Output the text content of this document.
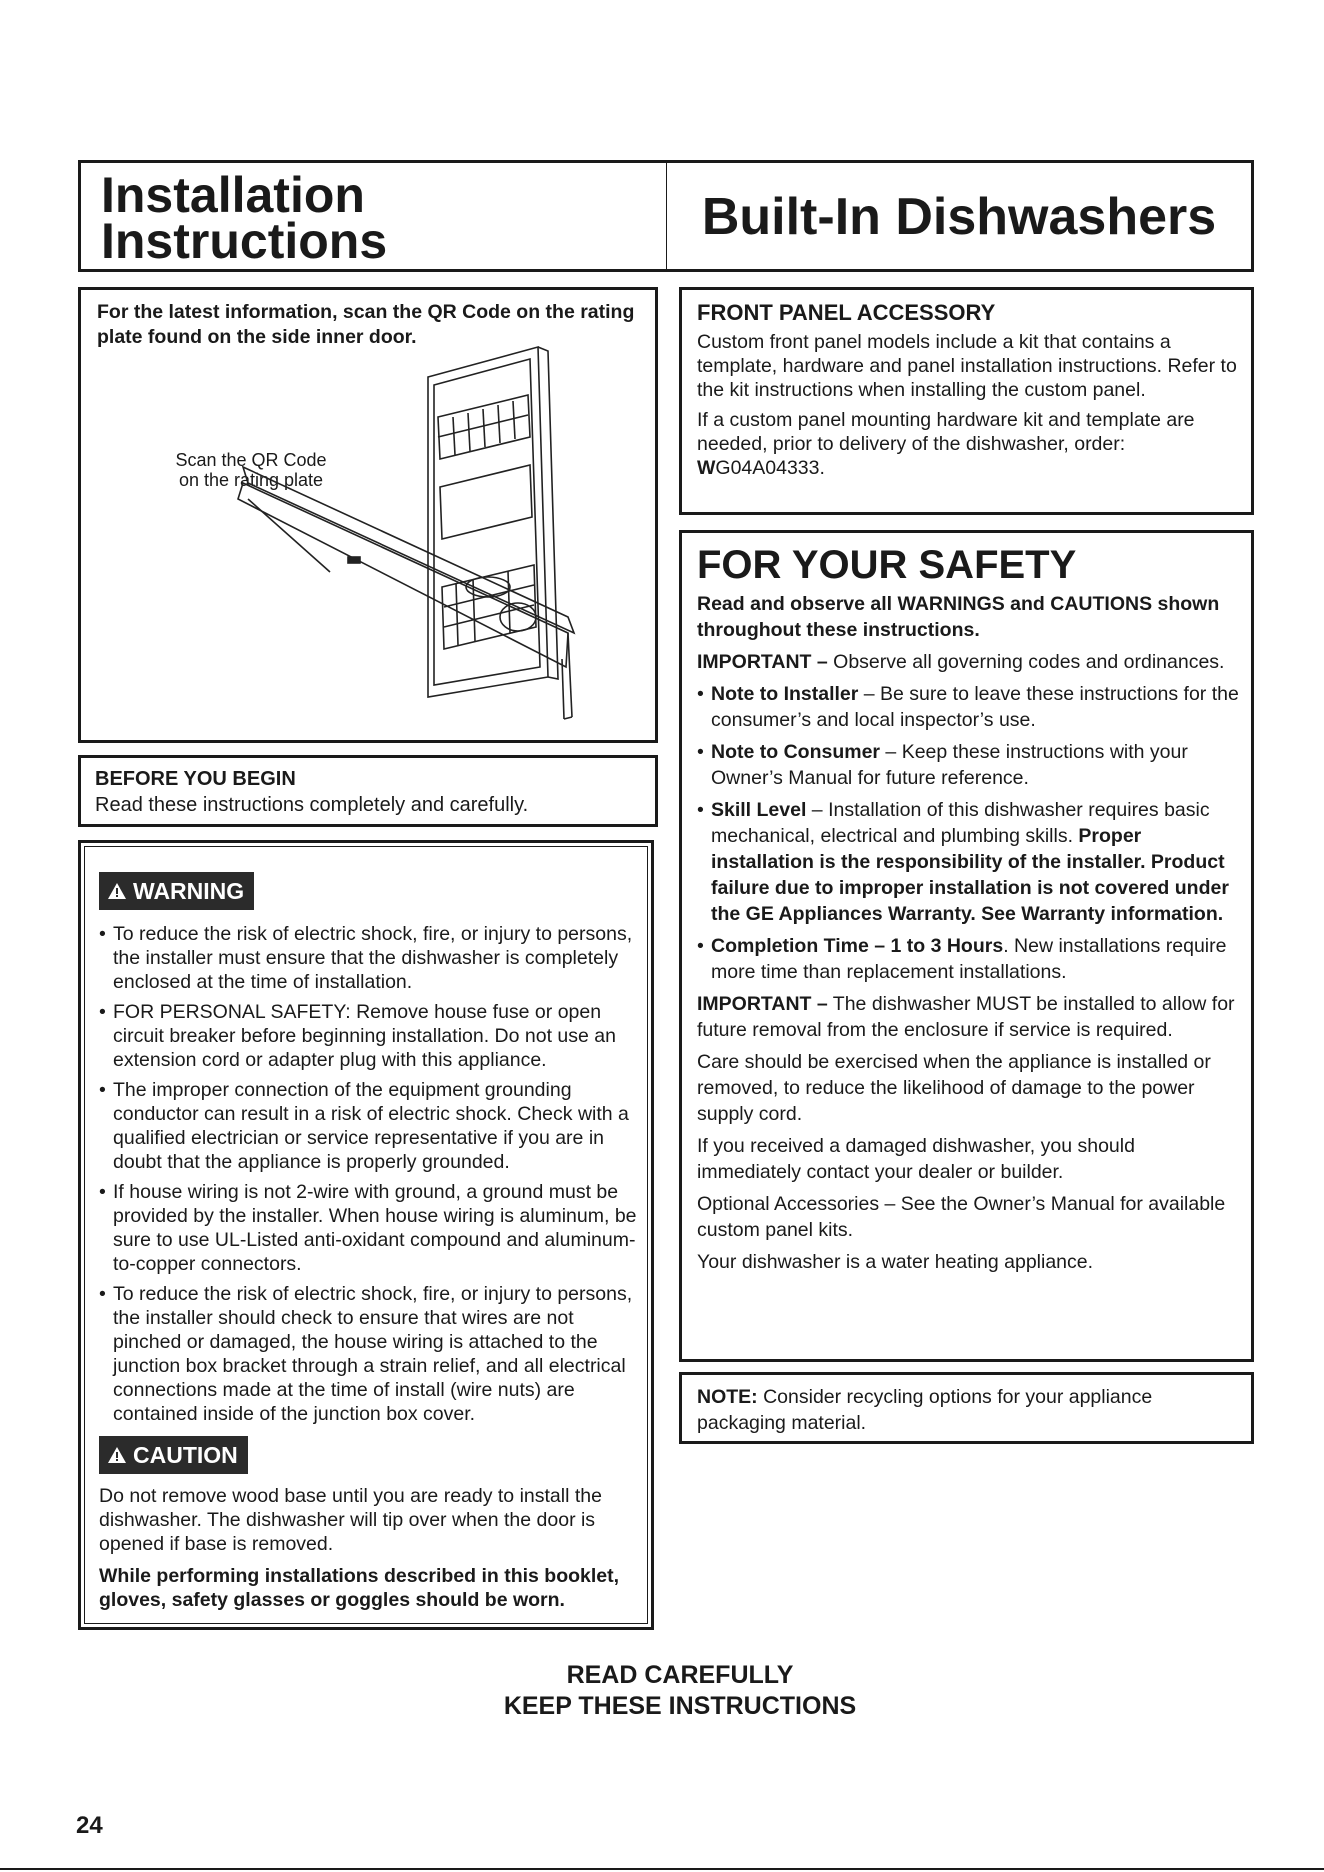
Installation
Instructions	Built-In Dishwashers

For the latest information, scan the QR Code on the rating plate found on the side inner door.

Scan the QR Code
on the rating plate

BEFORE YOU BEGIN

Read these instructions completely and carefully.

WARNING
• To reduce the risk of electric shock, fire, or injury to persons, the installer must ensure that the dishwasher is completely enclosed at the time of installation.
• FOR PERSONAL SAFETY: Remove house fuse or open circuit breaker before beginning installation. Do not use an extension cord or adapter plug with this appliance.
• The improper connection of the equipment grounding conductor can result in a risk of electric shock. Check with a qualified electrician or service representative if you are in doubt that the appliance is properly grounded.
• If house wiring is not 2-wire with ground, a ground must be provided by the installer. When house wiring is aluminum, be sure to use UL-Listed anti-oxidant compound and aluminum-to-copper connectors.
• To reduce the risk of electric shock, fire, or injury to persons, the installer should check to ensure that wires are not pinched or damaged, the house wiring is attached to the junction box bracket through a strain relief, and all electrical connections made at the time of install (wire nuts) are contained inside of the junction box cover.
CAUTION

Do not remove wood base until you are ready to install the dishwasher. The dishwasher will tip over when the door is opened if base is removed.

While performing installations described in this booklet, gloves, safety glasses or goggles should be worn.

FRONT PANEL ACCESSORY

Custom front panel models include a kit that contains a template, hardware and panel installation instructions. Refer to the kit instructions when installing the custom panel.

If a custom panel mounting hardware kit and template are needed, prior to delivery of the dishwasher, order:
WG04A04333.

FOR YOUR SAFETY

Read and observe all WARNINGS and CAUTIONS shown throughout these instructions.

IMPORTANT – Observe all governing codes and ordinances.

• Note to Installer – Be sure to leave these instructions for the consumer’s and local inspector’s use.
• Note to Consumer – Keep these instructions with your Owner’s Manual for future reference.
• Skill Level – Installation of this dishwasher requires basic mechanical, electrical and plumbing skills. Proper installation is the responsibility of the installer. Product failure due to improper installation is not covered under the GE Appliances Warranty. See Warranty information.
• Completion Time – 1 to 3 Hours. New installations require more time than replacement installations.

IMPORTANT – The dishwasher MUST be installed to allow for future removal from the enclosure if service is required.

Care should be exercised when the appliance is installed or removed, to reduce the likelihood of damage to the power supply cord.

If you received a damaged dishwasher, you should immediately contact your dealer or builder.

Optional Accessories – See the Owner’s Manual for available custom panel kits.

Your dishwasher is a water heating appliance.

NOTE: Consider recycling options for your appliance packaging material.

READ CAREFULLY
KEEP THESE INSTRUCTIONS
24
